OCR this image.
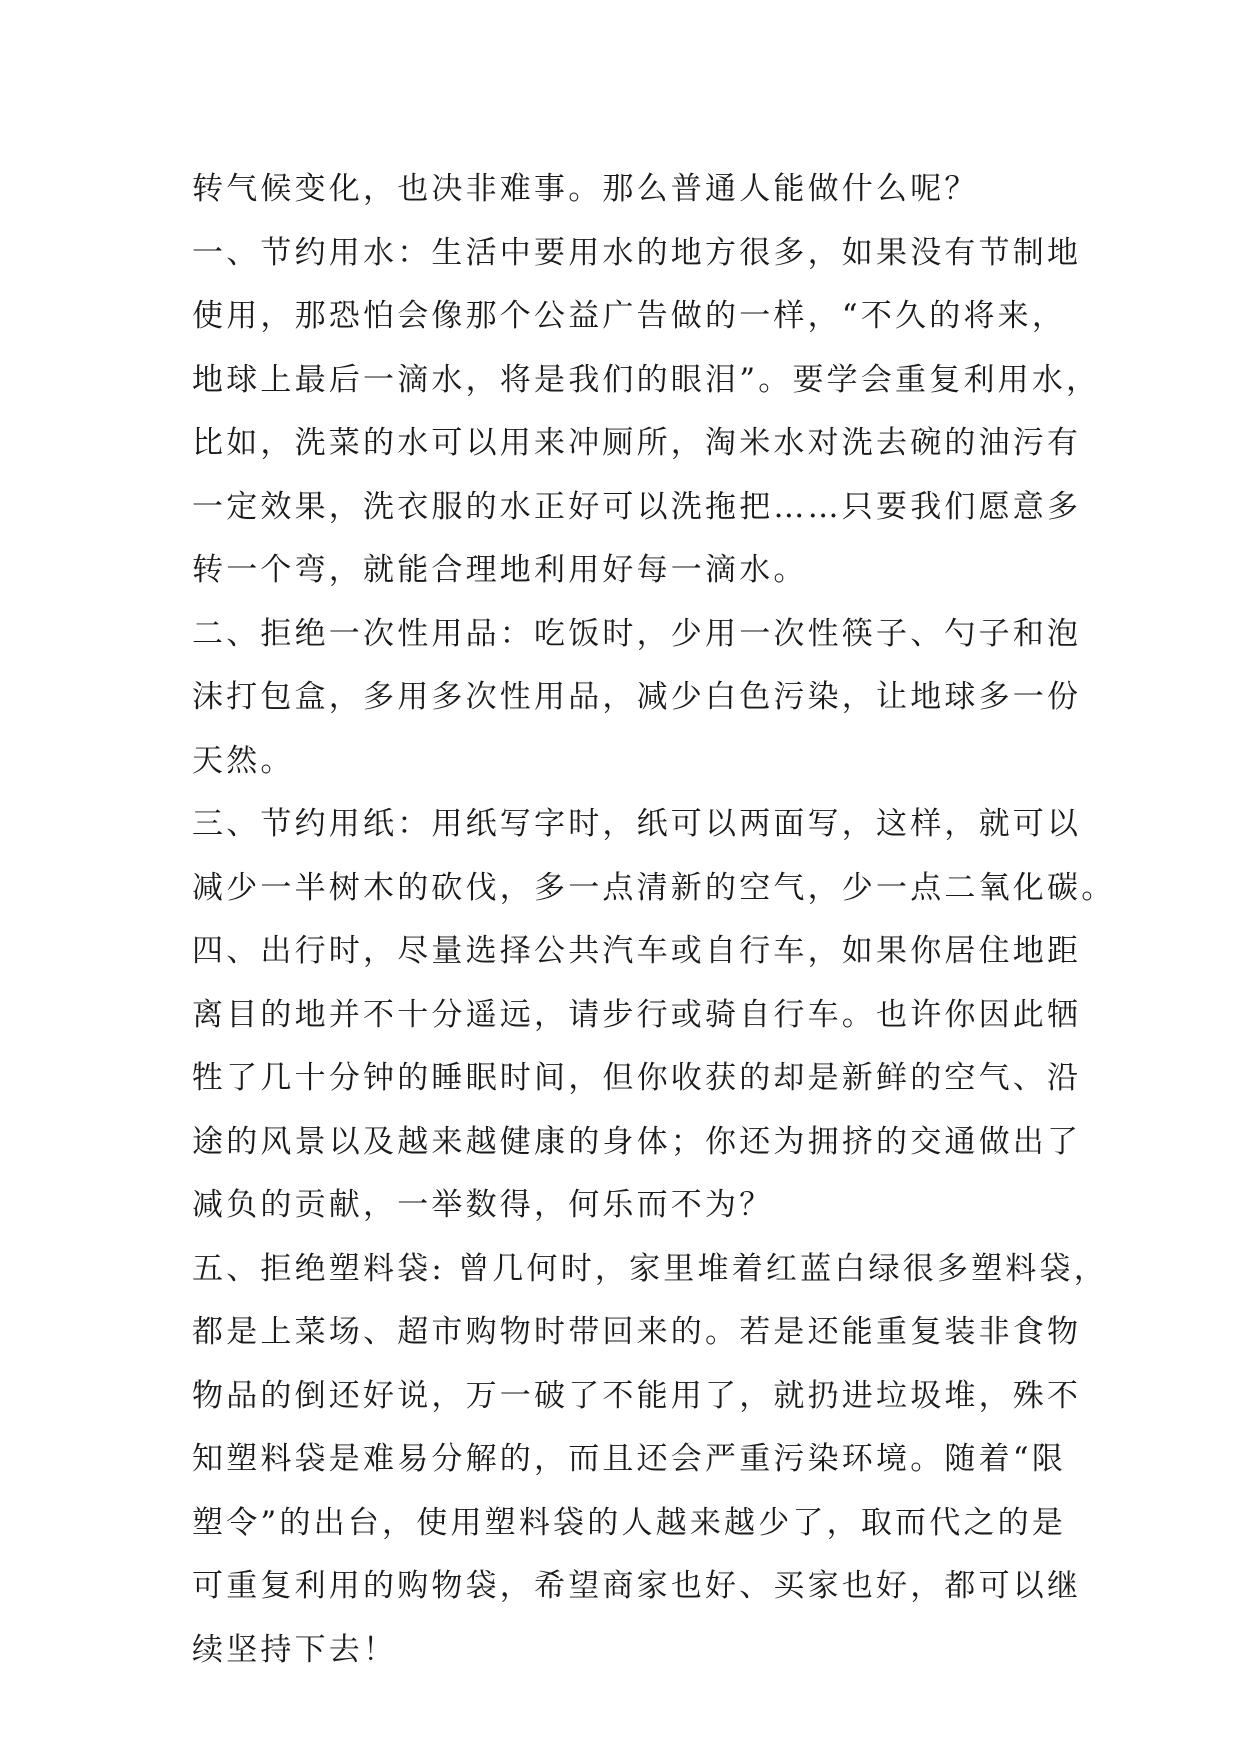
转气候变化，也决非难事。那么普通人能做什么呢？
一、节约用水：生活中要用水的地方很多，如果没有节制地
使用，那恐怕会像那个公益广告做的一样，“不久的将来，
地球上最后一滴水，将是我们的眼泪”。要学会重复利用水，
比如，洗菜的水可以用来冲厕所，淘米水对洗去碗的油污有
一定效果，洗衣服的水正好可以洗拖把……只要我们愿意多
转一个弯，就能合理地利用好每一滴水。
二、拒绝一次性用品：吃饭时，少用一次性筷子、勺子和泡
沫打包盒，多用多次性用品，减少白色污染，让地球多一份
天然。
三、节约用纸：用纸写字时，纸可以两面写，这样，就可以
减少一半树木的砍伐，多一点清新的空气，少一点二氧化碳。
四、出行时，尽量选择公共汽车或自行车，如果你居住地距
离目的地并不十分遥远，请步行或骑自行车。也许你因此牺
牲了几十分钟的睡眠时间，但你收获的却是新鲜的空气、沿
途的风景以及越来越健康的身体；你还为拥挤的交通做出了
减负的贡献，一举数得，何乐而不为？
五、拒绝塑料袋: 曾几何时，家里堆着红蓝白绿很多塑料袋，
都是上菜场、超市购物时带回来的。若是还能重复装非食物
物品的倒还好说，万一破了不能用了，就扔进垃圾堆，殊不
知塑料袋是难易分解的，而且还会严重污染环境。随着“限
塑令”的出台，使用塑料袋的人越来越少了，取而代之的是
可重复利用的购物袋，希望商家也好、买家也好，都可以继
续坚持下去！
